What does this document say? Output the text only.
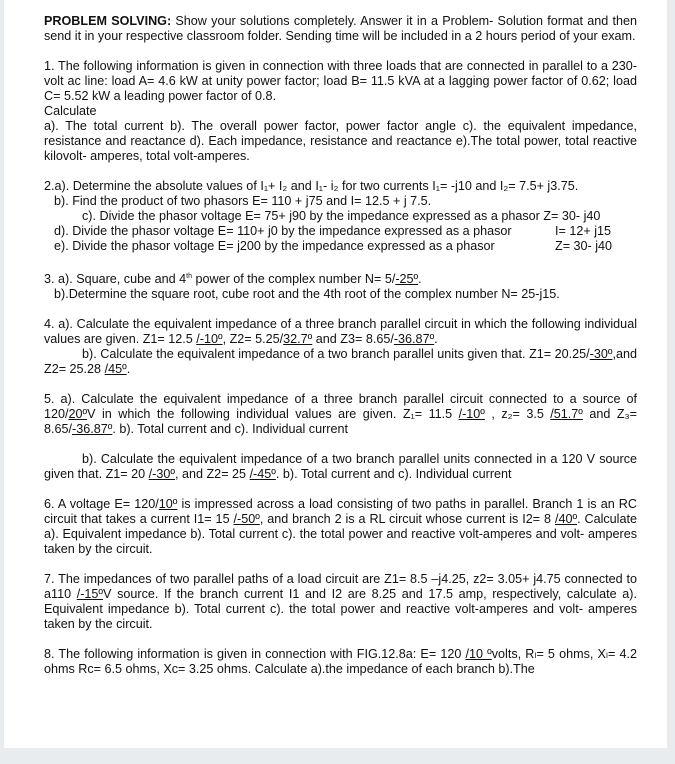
PROBLEM SOLVING: Show your solutions completely. Answer it in a Problem- Solution format and then send it in your respective classroom folder. Sending time will be included in a 2 hours period of your exam.

1. The following information is given in connection with three loads that are connected in parallel to a 230-volt ac line: load A= 4.6 kW at unity power factor; load B= 11.5 kVA at a lagging power factor of 0.62; load C= 5.52 kW a leading power factor of 0.8.

Calculate

a). The total current b). The overall power factor, power factor angle c). the equivalent impedance, resistance and reactance d). Each impedance, resistance and reactance e).The total power, total reactive kilovolt- amperes, total volt-amperes.

2.a). Determine the absolute values of I₁+ I₂ and I₁- i₂ for two currents I₁= -j10 and I₂= 7.5+ j3.75.

b). Find the product of two phasors E= 110 + j75 and I= 12.5 + j 7.5.

c). Divide the phasor voltage E= 75+ j90 by the impedance expressed as a phasor Z= 30- j40

d). Divide the phasor voltage E= 110+ j0 by the impedance expressed as a phasor	I= 12+ j15
e). Divide the phasor voltage E= j200 by the impedance expressed as a phasor	Z= 30- j40

3. a). Square, cube and 4th power of the complex number N= 5/-25º.

b).Determine the square root, cube root and the 4th root of the complex number N= 25-j15.

4. a). Calculate the equivalent impedance of a three branch parallel circuit in which the following individual values are given. Z1= 12.5 /-10º, Z2= 5.25/32.7º and Z3= 8.65/-36.87º.

b). Calculate the equivalent impedance of a two branch parallel units given that. Z1= 20.25/-30º,and Z2= 25.28 /45º.

5. a). Calculate the equivalent impedance of a three branch parallel circuit connected to a source of 120/20ºV in which the following individual values are given. Z₁= 11.5 /-10º , z₂= 3.5 /51.7º and Z₃= 8.65/-36.87º. b). Total current and c). Individual current

b). Calculate the equivalent impedance of a two branch parallel units connected in a 120 V source given that. Z1= 20 /-30º, and Z2= 25 /-45º. b). Total current and c). Individual current

6. A voltage E= 120/10º is impressed across a load consisting of two paths in parallel. Branch 1 is an RC circuit that takes a current I1= 15 /-50º, and branch 2 is a RL circuit whose current is I2= 8 /40º. Calculate a). Equivalent impedance b). Total current c). the total power and reactive volt-amperes and volt- amperes taken by the circuit.

7. The impedances of two parallel paths of a load circuit are Z1= 8.5 –j4.25, z2= 3.05+ j4.75 connected to a110 /-15ºV source. If the branch current I1 and I2 are 8.25 and 17.5 amp, respectively, calculate a). Equivalent impedance b). Total current c). the total power and reactive volt-amperes and volt- amperes taken by the circuit.

8. The following information is given in connection with FIG.12.8a: E= 120 /10 ºvolts, Rₗ= 5 ohms, Xₗ= 4.2 ohms Rᴄ= 6.5 ohms, Xᴄ= 3.25 ohms. Calculate a).the impedance of each branch b).The
